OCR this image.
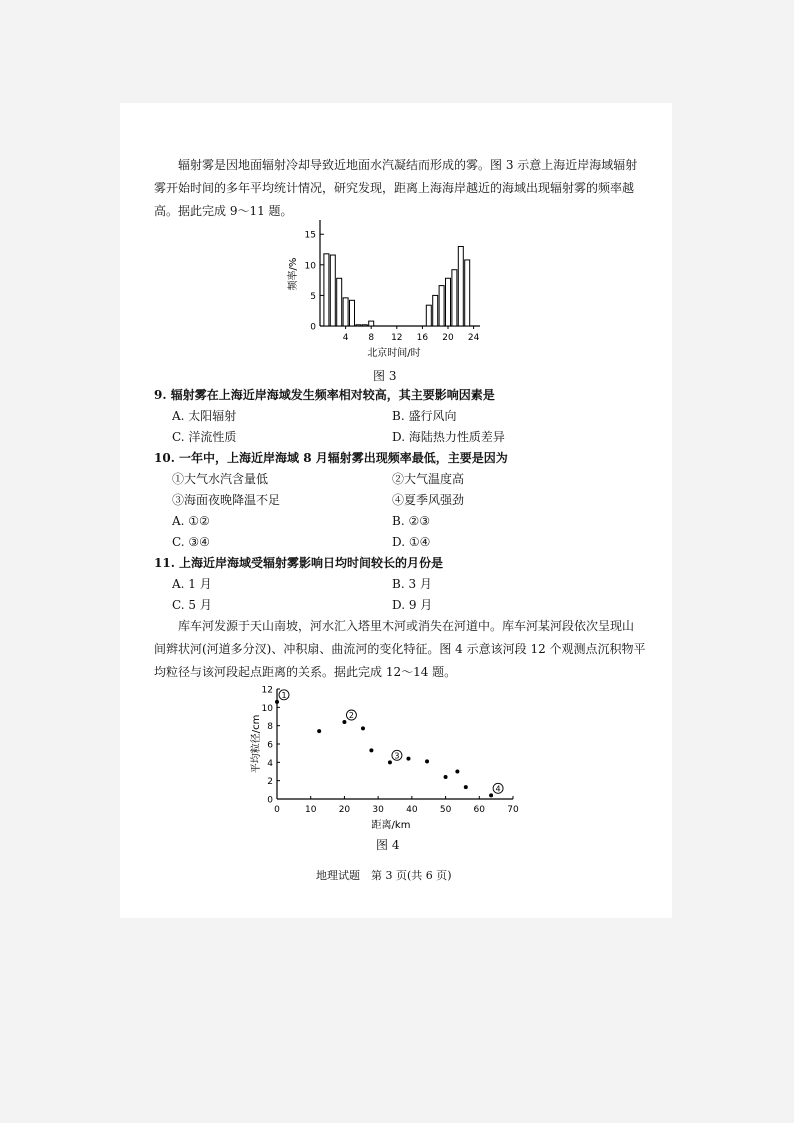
辐射雾是因地面辐射冷却导致近地面水汽凝结而形成的雾。图 3 示意上海近岸海域辐射
雾开始时间的多年平均统计情况，研究发现，距离上海海岸越近的海域出现辐射雾的频率越
高。据此完成 9～11 题。
0
5
10
15
4 8 12 16 20 24
北京时间/时
频率/%
图 3
9. 辐射雾在上海近岸海域发生频率相对较高，其主要影响因素是
A. 太阳辐射	B. 盛行风向
C. 洋流性质	D. 海陆热力性质差异
10. 一年中，上海近岸海域 8 月辐射雾出现频率最低，主要是因为
①大气水汽含量低	②大气温度高
③海面夜晚降温不足	④夏季风强劲
A. ①②	B. ②③
C. ③④	D. ①④
11. 上海近岸海域受辐射雾影响日均时间较长的月份是
A. 1 月	B. 3 月
C. 5 月	D. 9 月
库车河发源于天山南坡，河水汇入塔里木河或消失在河道中。库车河某河段依次呈现山
间辫状河(河道多分汊)、冲积扇、曲流河的变化特征。图 4 示意该河段 12 个观测点沉积物平
均粒径与该河段起点距离的关系。据此完成 12～14 题。
0
2
4
6
8
10
12
0	10 20 30 40 50 60 70
1
2
3
4
距离/km
平均粒径/cm
图 4
地理试题　第 3 页(共 6 页)
